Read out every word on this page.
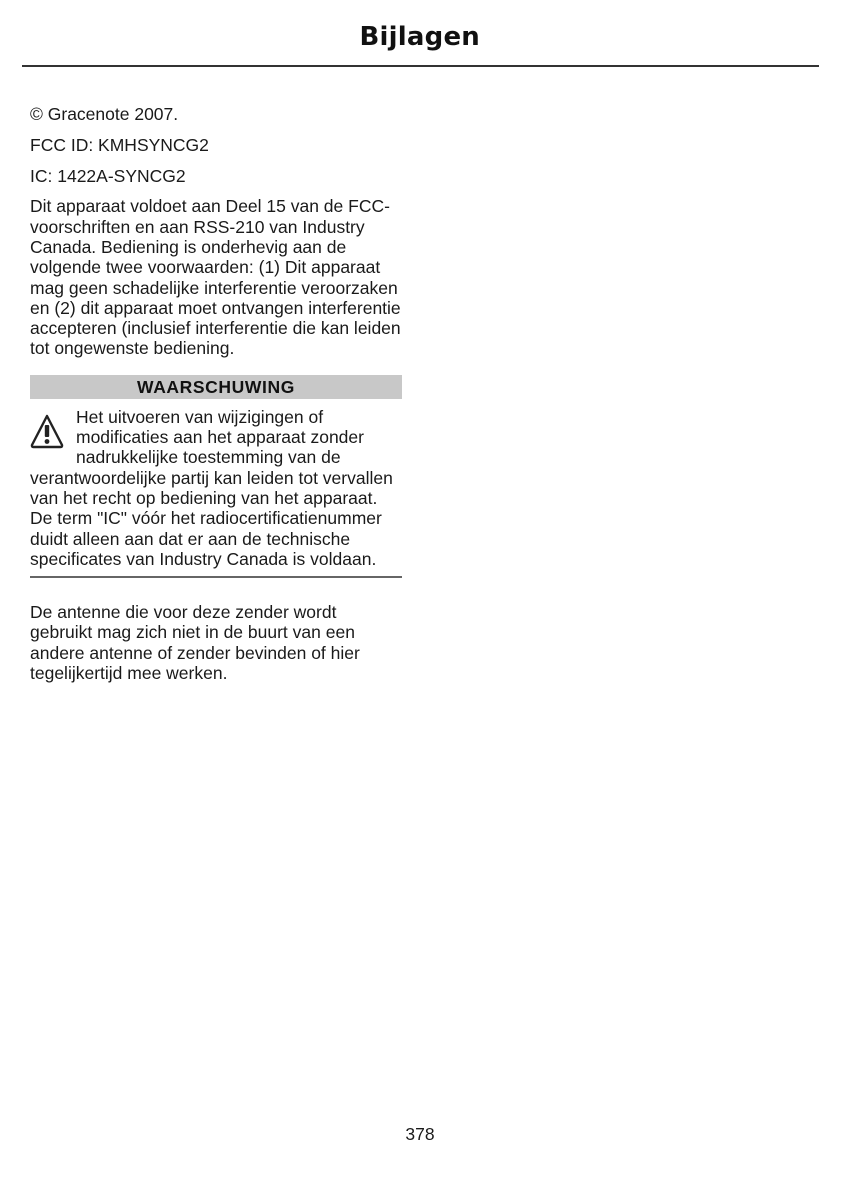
Bijlagen

© Gracenote 2007.

FCC ID: KMHSYNCG2

IC: 1422A-SYNCG2

Dit apparaat voldoet aan Deel 15 van de FCC-voorschriften en aan RSS-210 van Industry Canada. Bediening is onderhevig aan de volgende twee voorwaarden: (1) Dit apparaat mag geen schadelijke interferentie veroorzaken en (2) dit apparaat moet ontvangen interferentie accepteren (inclusief interferentie die kan leiden tot ongewenste bediening.

WAARSCHUWING

Het uitvoeren van wijzigingen of modificaties aan het apparaat zonder nadrukkelijke toestemming van de verantwoordelijke partij kan leiden tot vervallen van het recht op bediening van het apparaat. De term "IC" vóór het radiocertificatienummer duidt alleen aan dat er aan de technische specificates van Industry Canada is voldaan.

De antenne die voor deze zender wordt gebruikt mag zich niet in de buurt van een andere antenne of zender bevinden of hier tegelijkertijd mee werken.

378
